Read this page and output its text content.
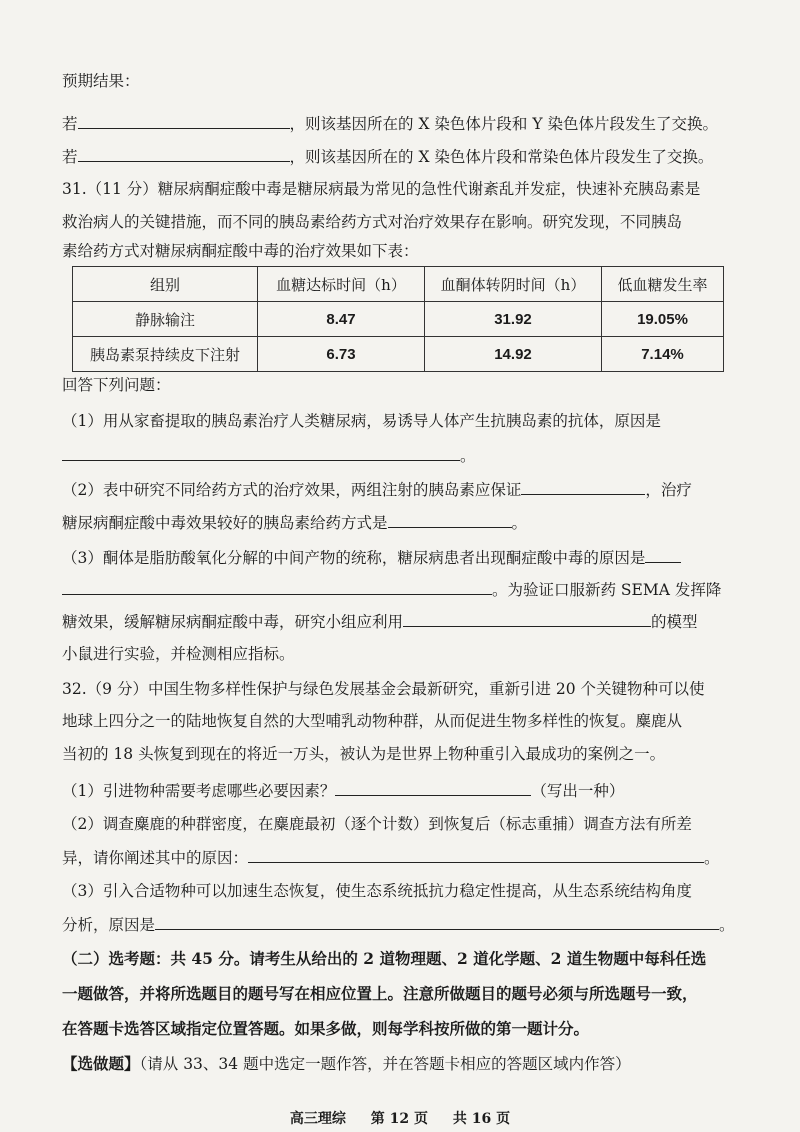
预期结果：
若	，则该基因所在的 X 染色体片段和 Y 染色体片段发生了交换。
若	，则该基因所在的 X 染色体片段和常染色体片段发生了交换。
31.（11 分）糖尿病酮症酸中毒是糖尿病最为常见的急性代谢紊乱并发症，快速补充胰岛素是
救治病人的关键措施，而不同的胰岛素给药方式对治疗效果存在影响。研究发现，不同胰岛
素给药方式对糖尿病酮症酸中毒的治疗效果如下表：
组别	血糖达标时间（h）	血酮体转阴时间（h）	低血糖发生率
静脉输注	8.47	31.92	19.05%
胰岛素泵持续皮下注射	6.73	14.92	7.14%
回答下列问题：
（1）用从家畜提取的胰岛素治疗人类糖尿病，易诱导人体产生抗胰岛素的抗体，原因是
。
（2）表中研究不同给药方式的治疗效果，两组注射的胰岛素应保证	，治疗
糖尿病酮症酸中毒效果较好的胰岛素给药方式是	。
（3）酮体是脂肪酸氧化分解的中间产物的统称，糖尿病患者出现酮症酸中毒的原因是
。为验证口服新药 SEMA 发挥降
糖效果，缓解糖尿病酮症酸中毒，研究小组应利用	的模型
小鼠进行实验，并检测相应指标。
32.（9 分）中国生物多样性保护与绿色发展基金会最新研究，重新引进 20 个关键物种可以使
地球上四分之一的陆地恢复自然的大型哺乳动物种群，从而促进生物多样性的恢复。麋鹿从
当初的 18 头恢复到现在的将近一万头，被认为是世界上物种重引入最成功的案例之一。
（1）引进物种需要考虑哪些必要因素？	（写出一种）
（2）调查麋鹿的种群密度，在麋鹿最初（逐个计数）到恢复后（标志重捕）调查方法有所差
异，请你阐述其中的原因：	。
（3）引入合适物种可以加速生态恢复，使生态系统抵抗力稳定性提高，从生态系统结构角度
分析，原因是	。
（二）选考题：共 45 分。请考生从给出的 2 道物理题、2 道化学题、2 道生物题中每科任选
一题做答，并将所选题目的题号写在相应位置上。注意所做题目的题号必须与所选题号一致，
在答题卡选答区域指定位置答题。如果多做，则每学科按所做的第一题计分。
【选做题】（请从 33、34 题中选定一题作答，并在答题卡相应的答题区域内作答）
高三理综 第 12 页 共 16 页
